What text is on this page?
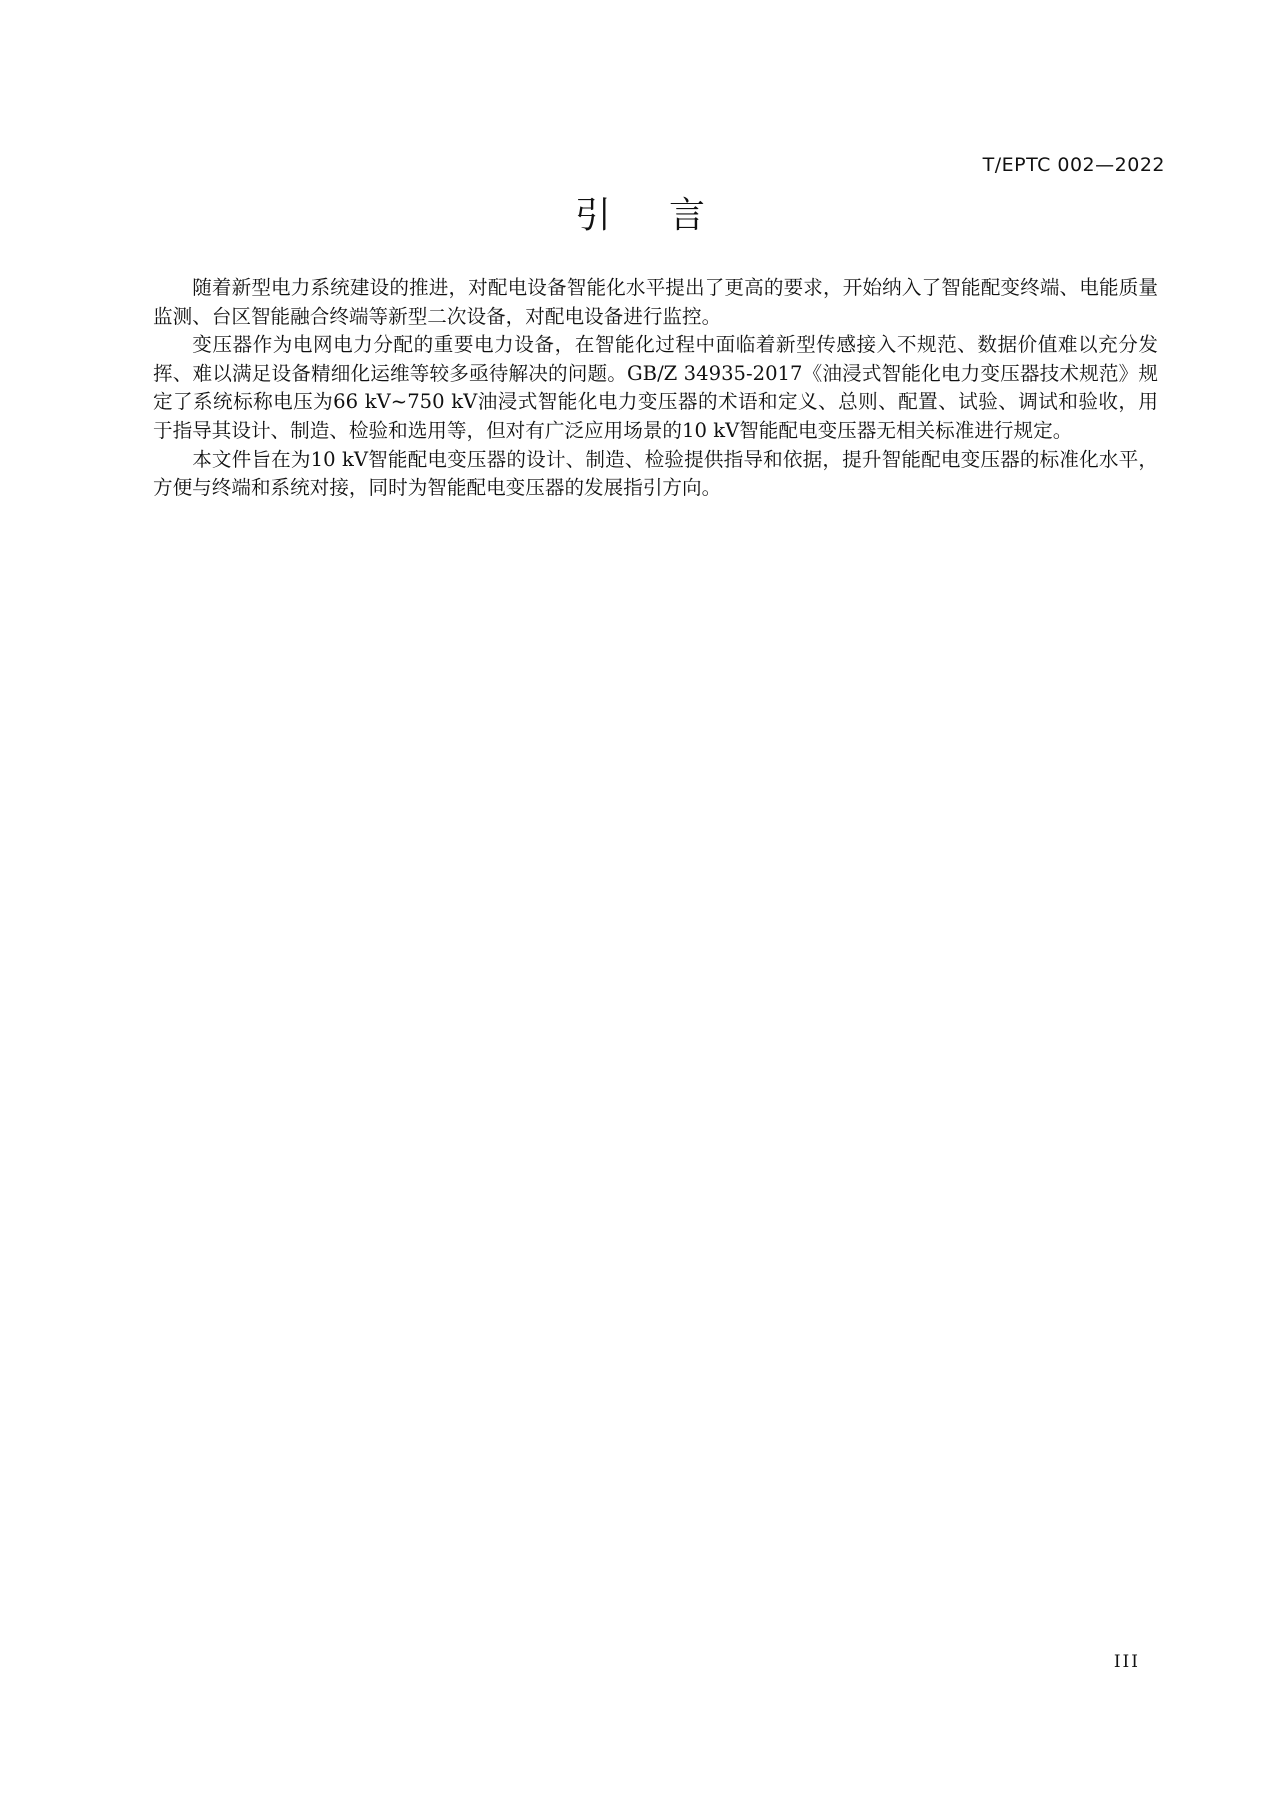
T/EPTC 002—2022
引言

随着新型电力系统建设的推进，对配电设备智能化水平提出了更高的要求，开始纳入了智能配变终端、电能质量监测、台区智能融合终端等新型二次设备，对配电设备进行监控。

变压器作为电网电力分配的重要电力设备，在智能化过程中面临着新型传感接入不规范、数据价值难以充分发挥、难以满足设备精细化运维等较多亟待解决的问题。GB/Z 34935-2017《油浸式智能化电力变压器技术规范》规定了系统标称电压为66 kV~750 kV油浸式智能化电力变压器的术语和定义、总则、配置、试验、调试和验收，用于指导其设计、制造、检验和选用等，但对有广泛应用场景的10 kV智能配电变压器无相关标准进行规定。

本文件旨在为10 kV智能配电变压器的设计、制造、检验提供指导和依据，提升智能配电变压器的标准化水平，方便与终端和系统对接，同时为智能配电变压器的发展指引方向。

III
